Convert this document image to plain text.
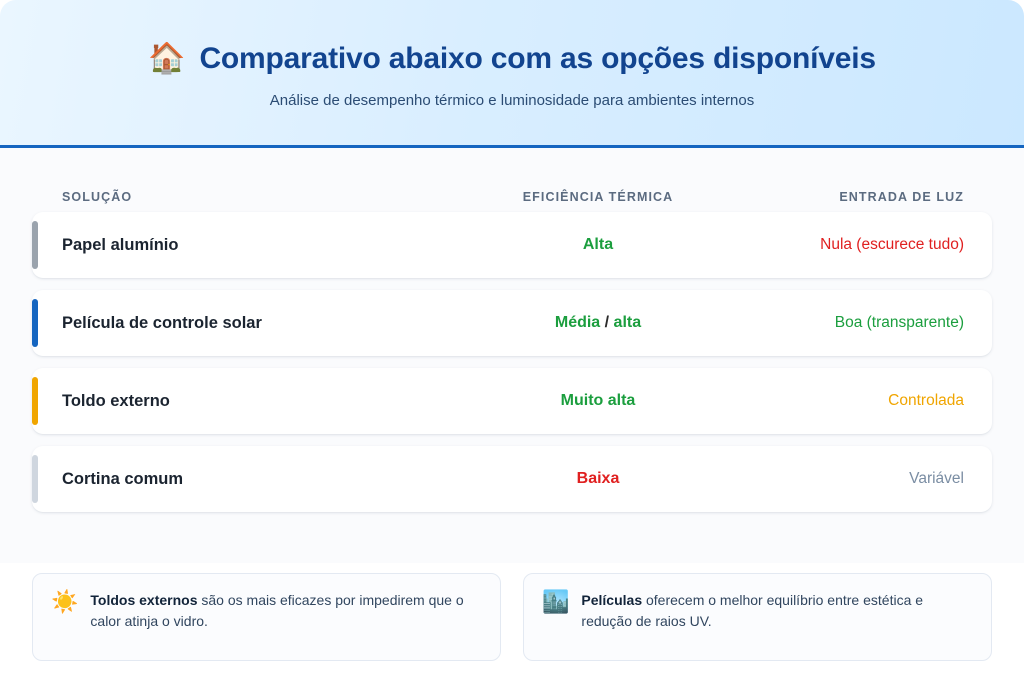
🏠 Comparativo abaixo com as opções disponíveis
Análise de desempenho térmico e luminosidade para ambientes internos
SOLUÇÃO	EFICIÊNCIA TÉRMICA	ENTRADA DE LUZ
Papel alumínio	Alta	Nula (escurece tudo)
Película de controle solar	Média / alta	Boa (transparente)
Toldo externo	Muito alta	Controlada
Cortina comum	Baixa	Variável
☀️ Toldos externos são os mais eficazes por impedirem que o calor atinja o vidro.
🏙️ Películas oferecem o melhor equilíbrio entre estética e redução de raios UV.
